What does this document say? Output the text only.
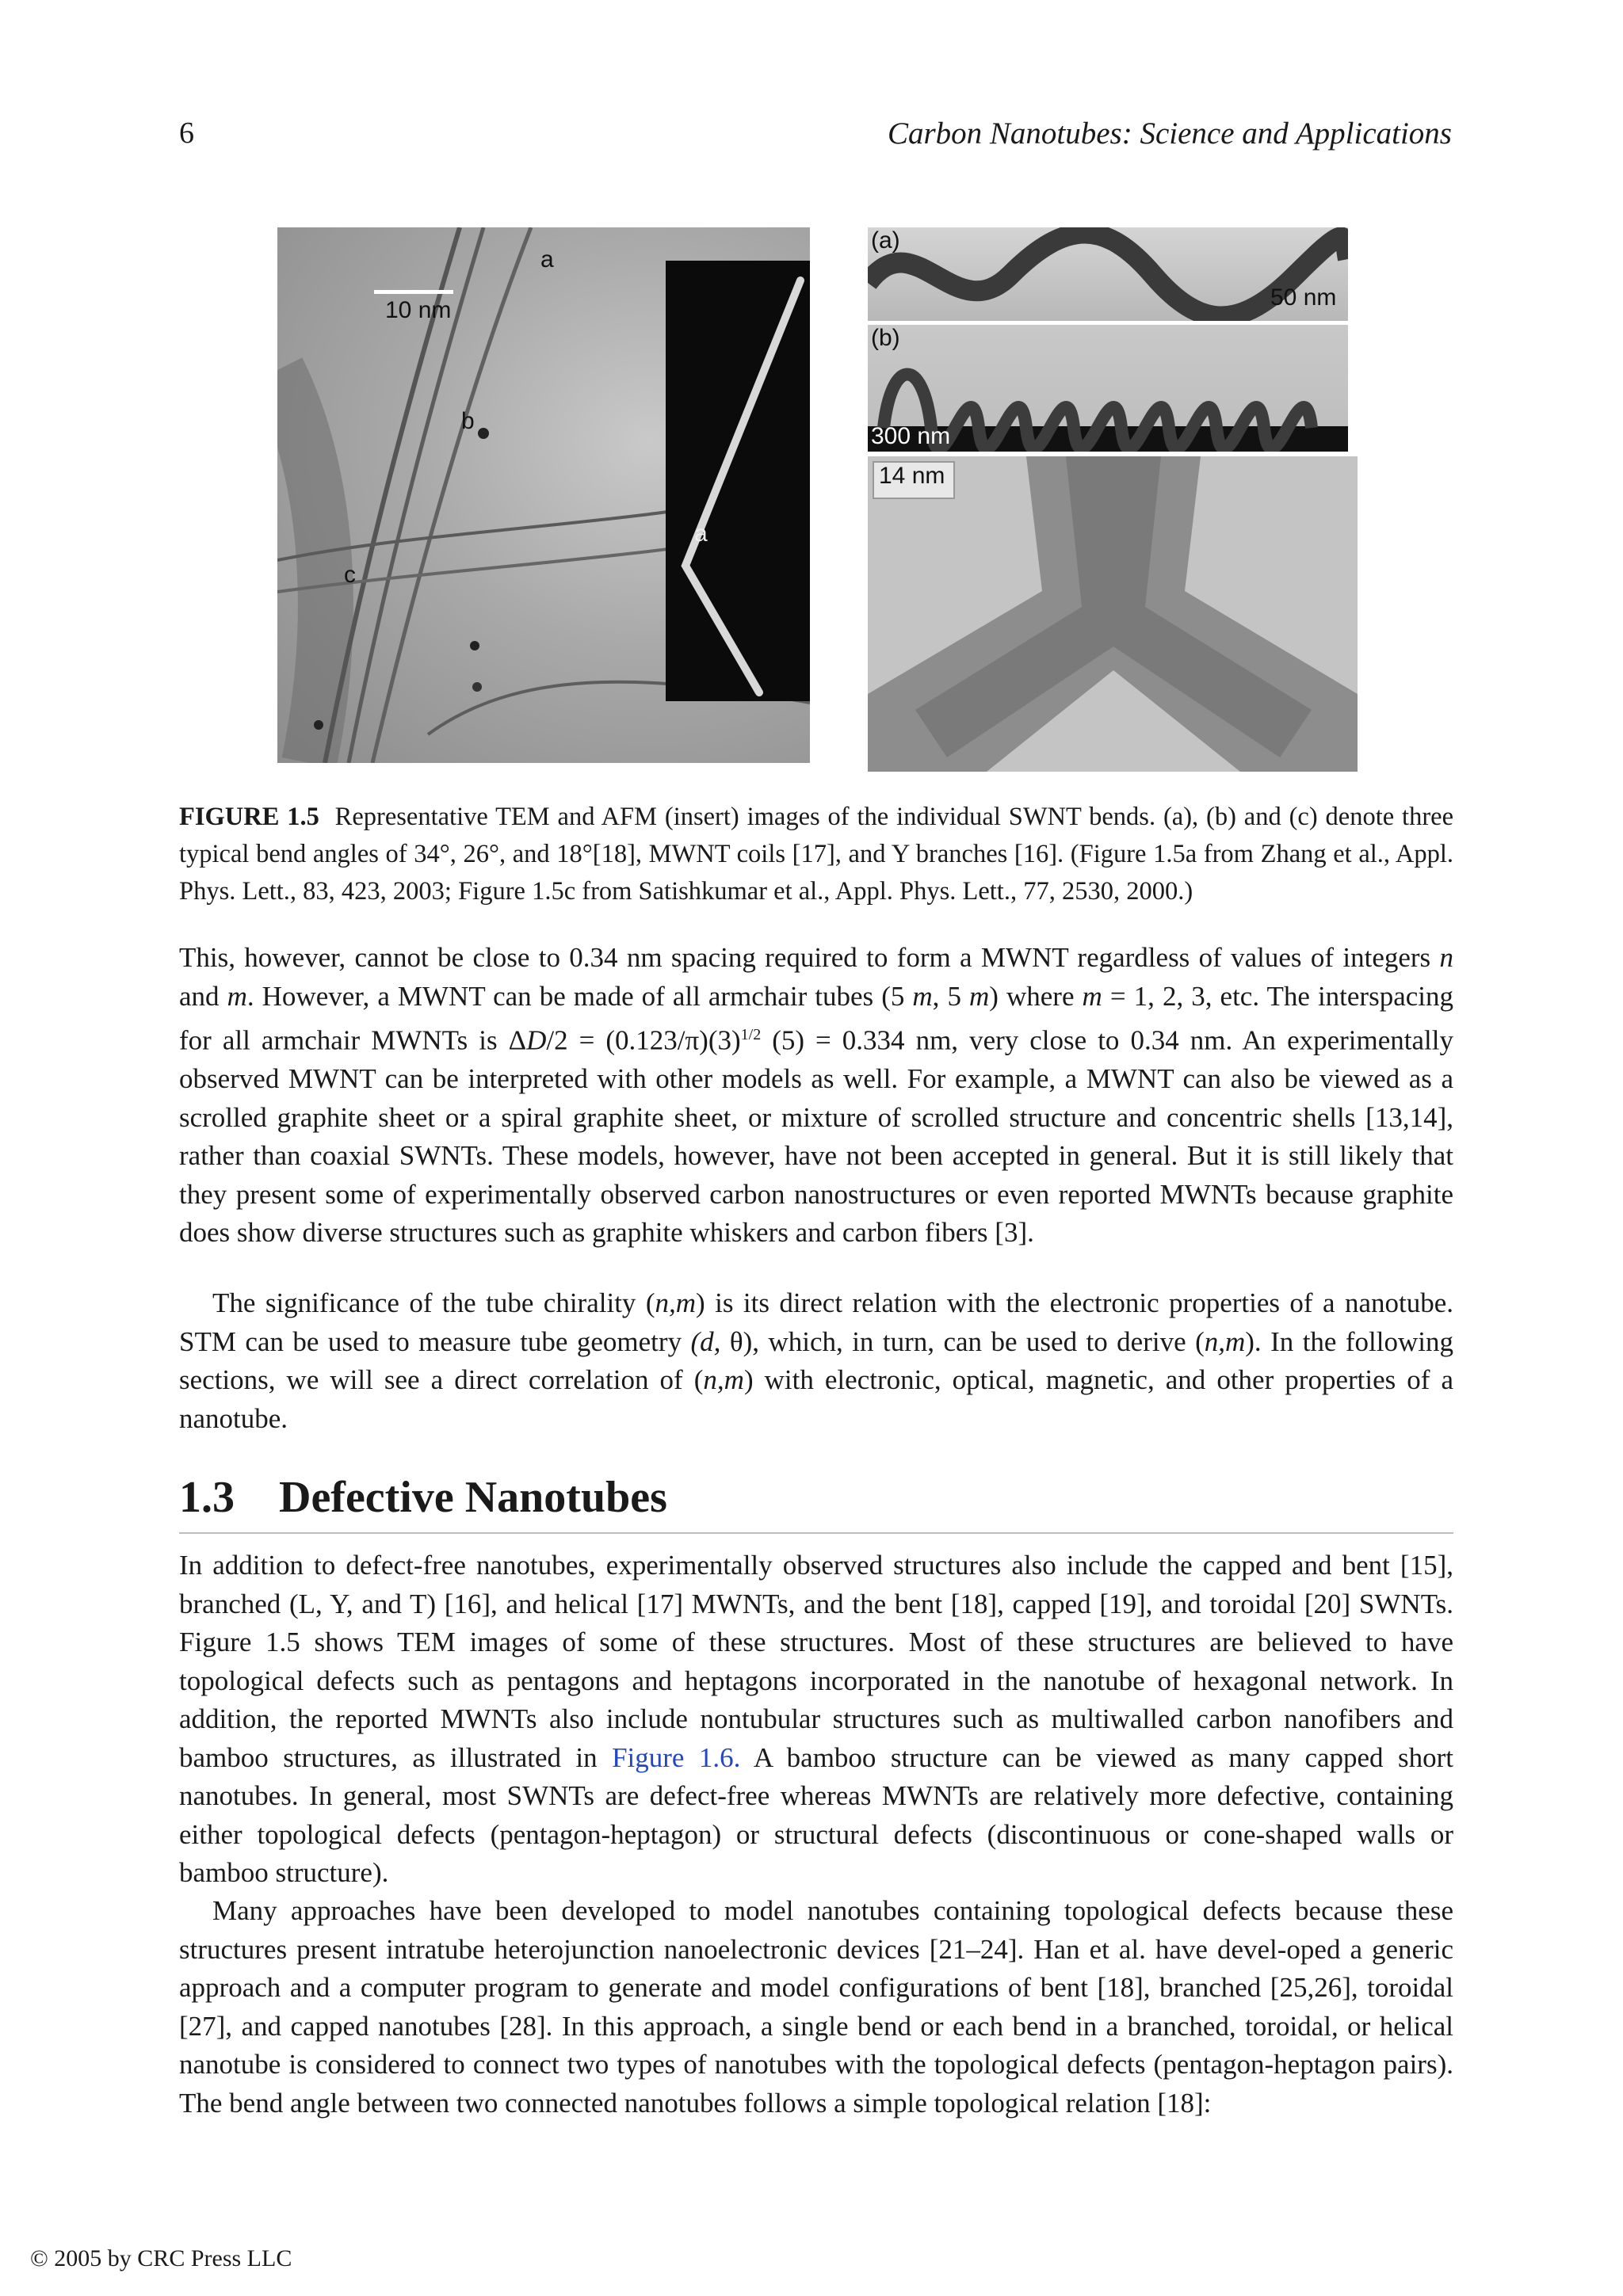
6	Carbon Nanotubes: Science and Applications
10 nm
a
b
c
a
(a)
50 nm
(b)
300 nm
14 nm
FIGURE 1.5 Representative TEM and AFM (insert) images of the individual SWNT bends. (a), (b) and (c) denote three typical bend angles of 34°, 26°, and 18°[18], MWNT coils [17], and Y branches [16]. (Figure 1.5a from Zhang et al., Appl. Phys. Lett., 83, 423, 2003; Figure 1.5c from Satishkumar et al., Appl. Phys. Lett., 77, 2530, 2000.)

This, however, cannot be close to 0.34 nm spacing required to form a MWNT regardless of values of integers n and m. However, a MWNT can be made of all armchair tubes (5 m, 5 m) where m = 1, 2, 3, etc. The interspacing for all armchair MWNTs is $\Delta D/2 = (0.123/\pi)(3)^{1/2}$ (5) = 0.334 nm, very close to 0.34 nm. An experimentally observed MWNT can be interpreted with other models as well. For example, a MWNT can also be viewed as a scrolled graphite sheet or a spiral graphite sheet, or mixture of scrolled structure and concentric shells [13,14], rather than coaxial SWNTs. These models, however, have not been accepted in general. But it is still likely that they present some of experimentally observed carbon nanostructures or even reported MWNTs because graphite does show diverse structures such as graphite whiskers and carbon fibers [3].

The significance of the tube chirality (n,m) is its direct relation with the electronic properties of a nanotube. STM can be used to measure tube geometry (d, θ), which, in turn, can be used to derive (n,m). In the following sections, we will see a direct correlation of (n,m) with electronic, optical, magnetic, and other properties of a nanotube.

1.3 Defective Nanotubes

In addition to defect-free nanotubes, experimentally observed structures also include the capped and bent [15], branched (L, Y, and T) [16], and helical [17] MWNTs, and the bent [18], capped [19], and toroidal [20] SWNTs. Figure 1.5 shows TEM images of some of these structures. Most of these structures are believed to have topological defects such as pentagons and heptagons incorporated in the nanotube of hexagonal network. In addition, the reported MWNTs also include nontubular structures such as multiwalled carbon nanofibers and bamboo structures, as illustrated in Figure 1.6. A bamboo structure can be viewed as many capped short nanotubes. In general, most SWNTs are defect-free whereas MWNTs are relatively more defective, containing either topological defects (pentagon-heptagon) or structural defects (discontinuous or cone-shaped walls or bamboo structure).

Many approaches have been developed to model nanotubes containing topological defects because these structures present intratube heterojunction nanoelectronic devices [21–24]. Han et al. have devel-oped a generic approach and a computer program to generate and model configurations of bent [18], branched [25,26], toroidal [27], and capped nanotubes [28]. In this approach, a single bend or each bend in a branched, toroidal, or helical nanotube is considered to connect two types of nanotubes with the topological defects (pentagon-heptagon pairs). The bend angle between two connected nanotubes follows a simple topological relation [18]:

© 2005 by CRC Press LLC
